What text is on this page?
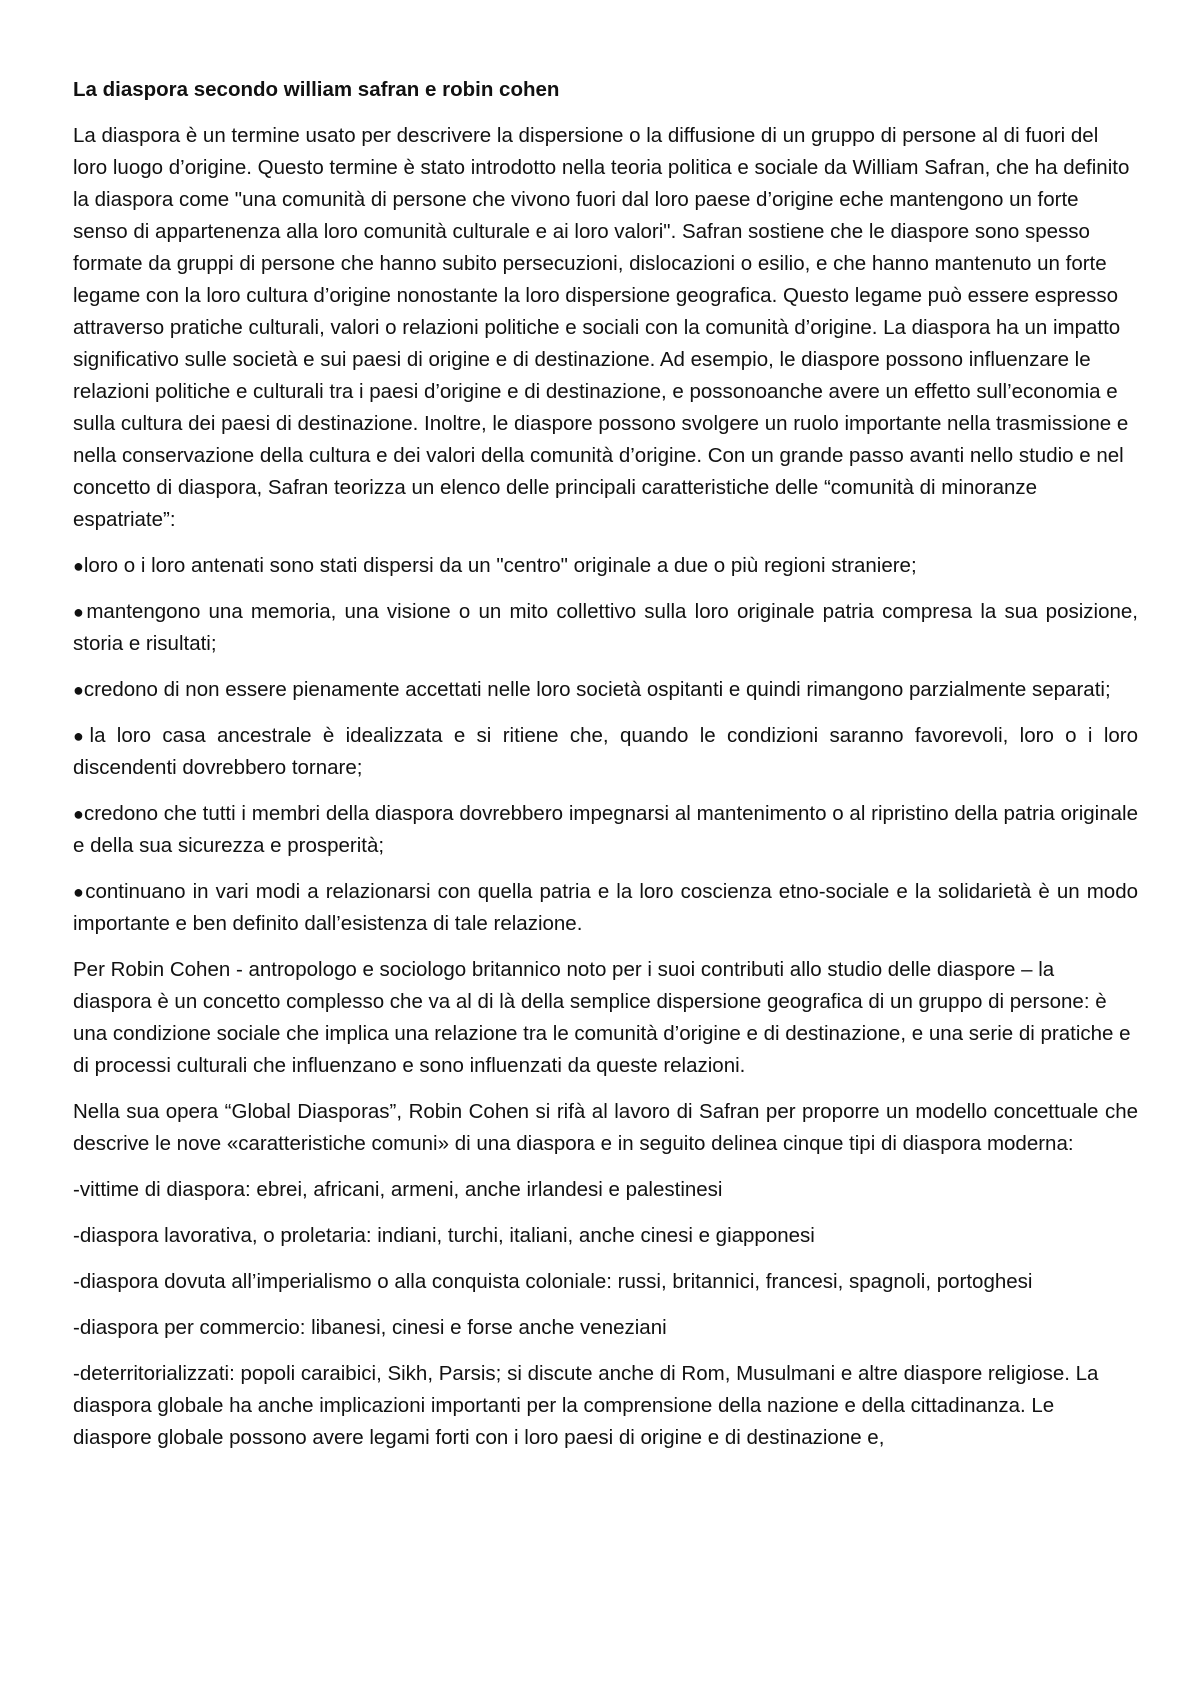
La diaspora secondo william safran e robin cohen

La diaspora è un termine usato per descrivere la dispersione o la diffusione di un gruppo di persone al di fuori del loro luogo d’origine. Questo termine è stato introdotto nella teoria politica e sociale da William Safran, che ha definito la diaspora come "una comunità di persone che vivono fuori dal loro paese d’origine eche mantengono un forte senso di appartenenza alla loro comunità culturale e ai loro valori". Safran sostiene che le diaspore sono spesso formate da gruppi di persone che hanno subito persecuzioni, dislocazioni o esilio, e che hanno mantenuto un forte legame con la loro cultura d’origine nonostante la loro dispersione geografica. Questo legame può essere espresso attraverso pratiche culturali, valori o relazioni politiche e sociali con la comunità d’origine. La diaspora ha un impatto significativo sulle società e sui paesi di origine e di destinazione. Ad esempio, le diaspore possono influenzare le relazioni politiche e culturali tra i paesi d’origine e di destinazione, e possonoanche avere un effetto sull’economia e sulla cultura dei paesi di destinazione. Inoltre, le diaspore possono svolgere un ruolo importante nella trasmissione e nella conservazione della cultura e dei valori della comunità d’origine. Con un grande passo avanti nello studio e nel concetto di diaspora, Safran teorizza un elenco delle principali caratteristiche delle “comunità di minoranze espatriate”:

●loro o i loro antenati sono stati dispersi da un "centro" originale a due o più regioni straniere;

●mantengono una memoria, una visione o un mito collettivo sulla loro originale patria compresa la sua posizione, storia e risultati;

●credono di non essere pienamente accettati nelle loro società ospitanti e quindi rimangono parzialmente separati;

●la loro casa ancestrale è idealizzata e si ritiene che, quando le condizioni saranno favorevoli, loro o i loro discendenti dovrebbero tornare;

●credono che tutti i membri della diaspora dovrebbero impegnarsi al mantenimento o al ripristino della patria originale e della sua sicurezza e prosperità;

●continuano in vari modi a relazionarsi con quella patria e la loro coscienza etno-sociale e la solidarietà è un modo importante e ben definito dall’esistenza di tale relazione.

Per Robin Cohen - antropologo e sociologo britannico noto per i suoi contributi allo studio delle diaspore – la diaspora è un concetto complesso che va al di là della semplice dispersione geografica di un gruppo di persone: è una condizione sociale che implica una relazione tra le comunità d’origine e di destinazione, e una serie di pratiche e di processi culturali che influenzano e sono influenzati da queste relazioni.

Nella sua opera “Global Diasporas”, Robin Cohen si rifà al lavoro di Safran per proporre un modello concettuale che descrive le nove «caratteristiche comuni» di una diaspora e in seguito delinea cinque tipi di diaspora moderna:

-vittime di diaspora: ebrei, africani, armeni, anche irlandesi e palestinesi

-diaspora lavorativa, o proletaria: indiani, turchi, italiani, anche cinesi e giapponesi

-diaspora dovuta all’imperialismo o alla conquista coloniale: russi, britannici, francesi, spagnoli, portoghesi

-diaspora per commercio: libanesi, cinesi e forse anche veneziani

-deterritorializzati: popoli caraibici, Sikh, Parsis; si discute anche di Rom, Musulmani e altre diaspore religiose. La diaspora globale ha anche implicazioni importanti per la comprensione della nazione e della cittadinanza. Le diaspore globale possono avere legami forti con i loro paesi di origine e di destinazione e,
